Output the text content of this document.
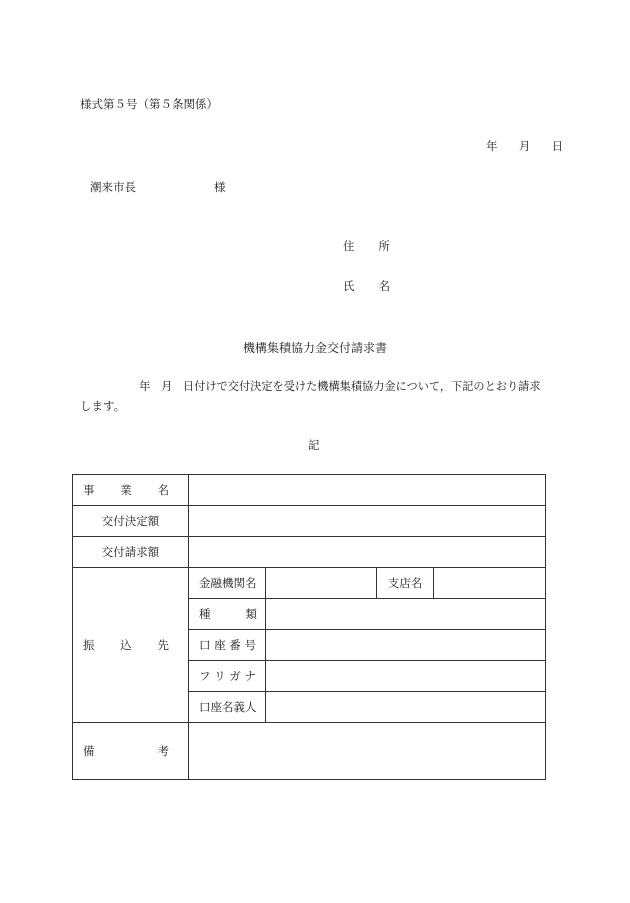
様式第５号（第５条関係）
年 月 日
潮来市長	様
住 所
氏 名
機構集積協力金交付請求書
年 月 日付けで交付決定を受けた機構集積協力金について，下記のとおり請求
します。
記
事 業 名				

交付決定額				
交付請求額				

振 込 先	金融機関名		支店名	

	種 類			

	口 座 番 号			
	フ リ ガ ナ			
	口座名義人			

備 考				
